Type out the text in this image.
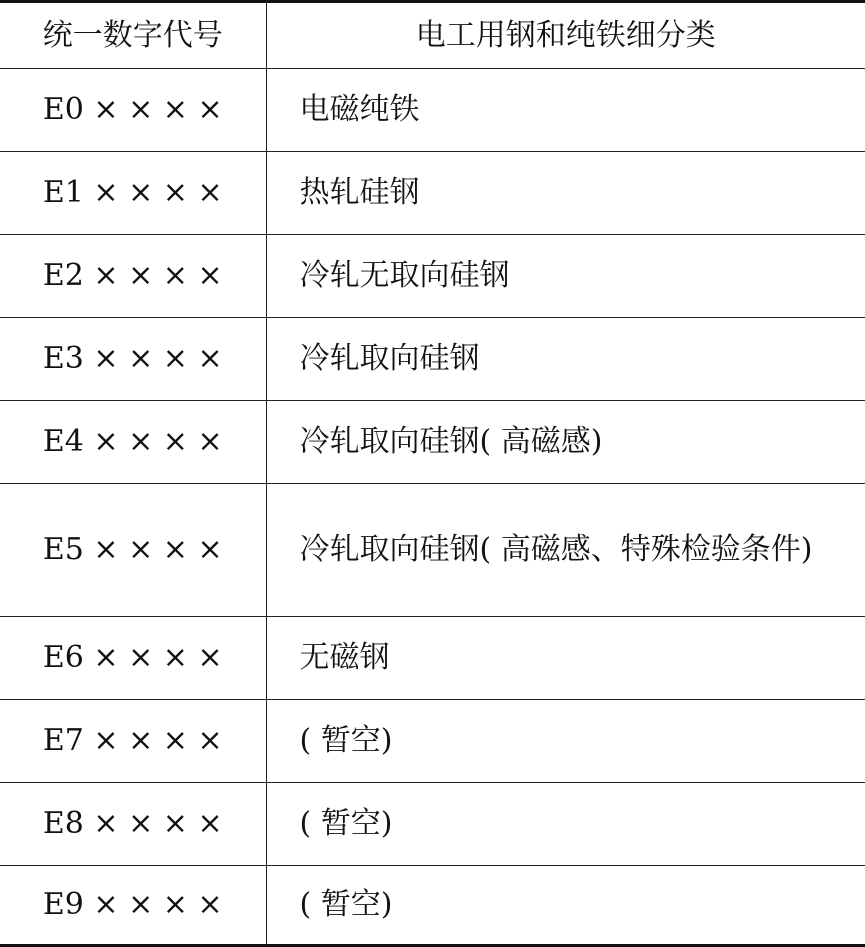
统一数字代号	电工用钢和纯铁细分类
E0 × × × ×	电磁纯铁
E1 × × × ×	热轧硅钢
E2 × × × ×	冷轧无取向硅钢
E3 × × × ×	冷轧取向硅钢
E4 × × × ×	冷轧取向硅钢( 高磁感)
E5 × × × ×	冷轧取向硅钢( 高磁感、特殊检验条件)
E6 × × × ×	无磁钢
E7 × × × ×	( 暂空)
E8 × × × ×	( 暂空)
E9 × × × ×	( 暂空)
